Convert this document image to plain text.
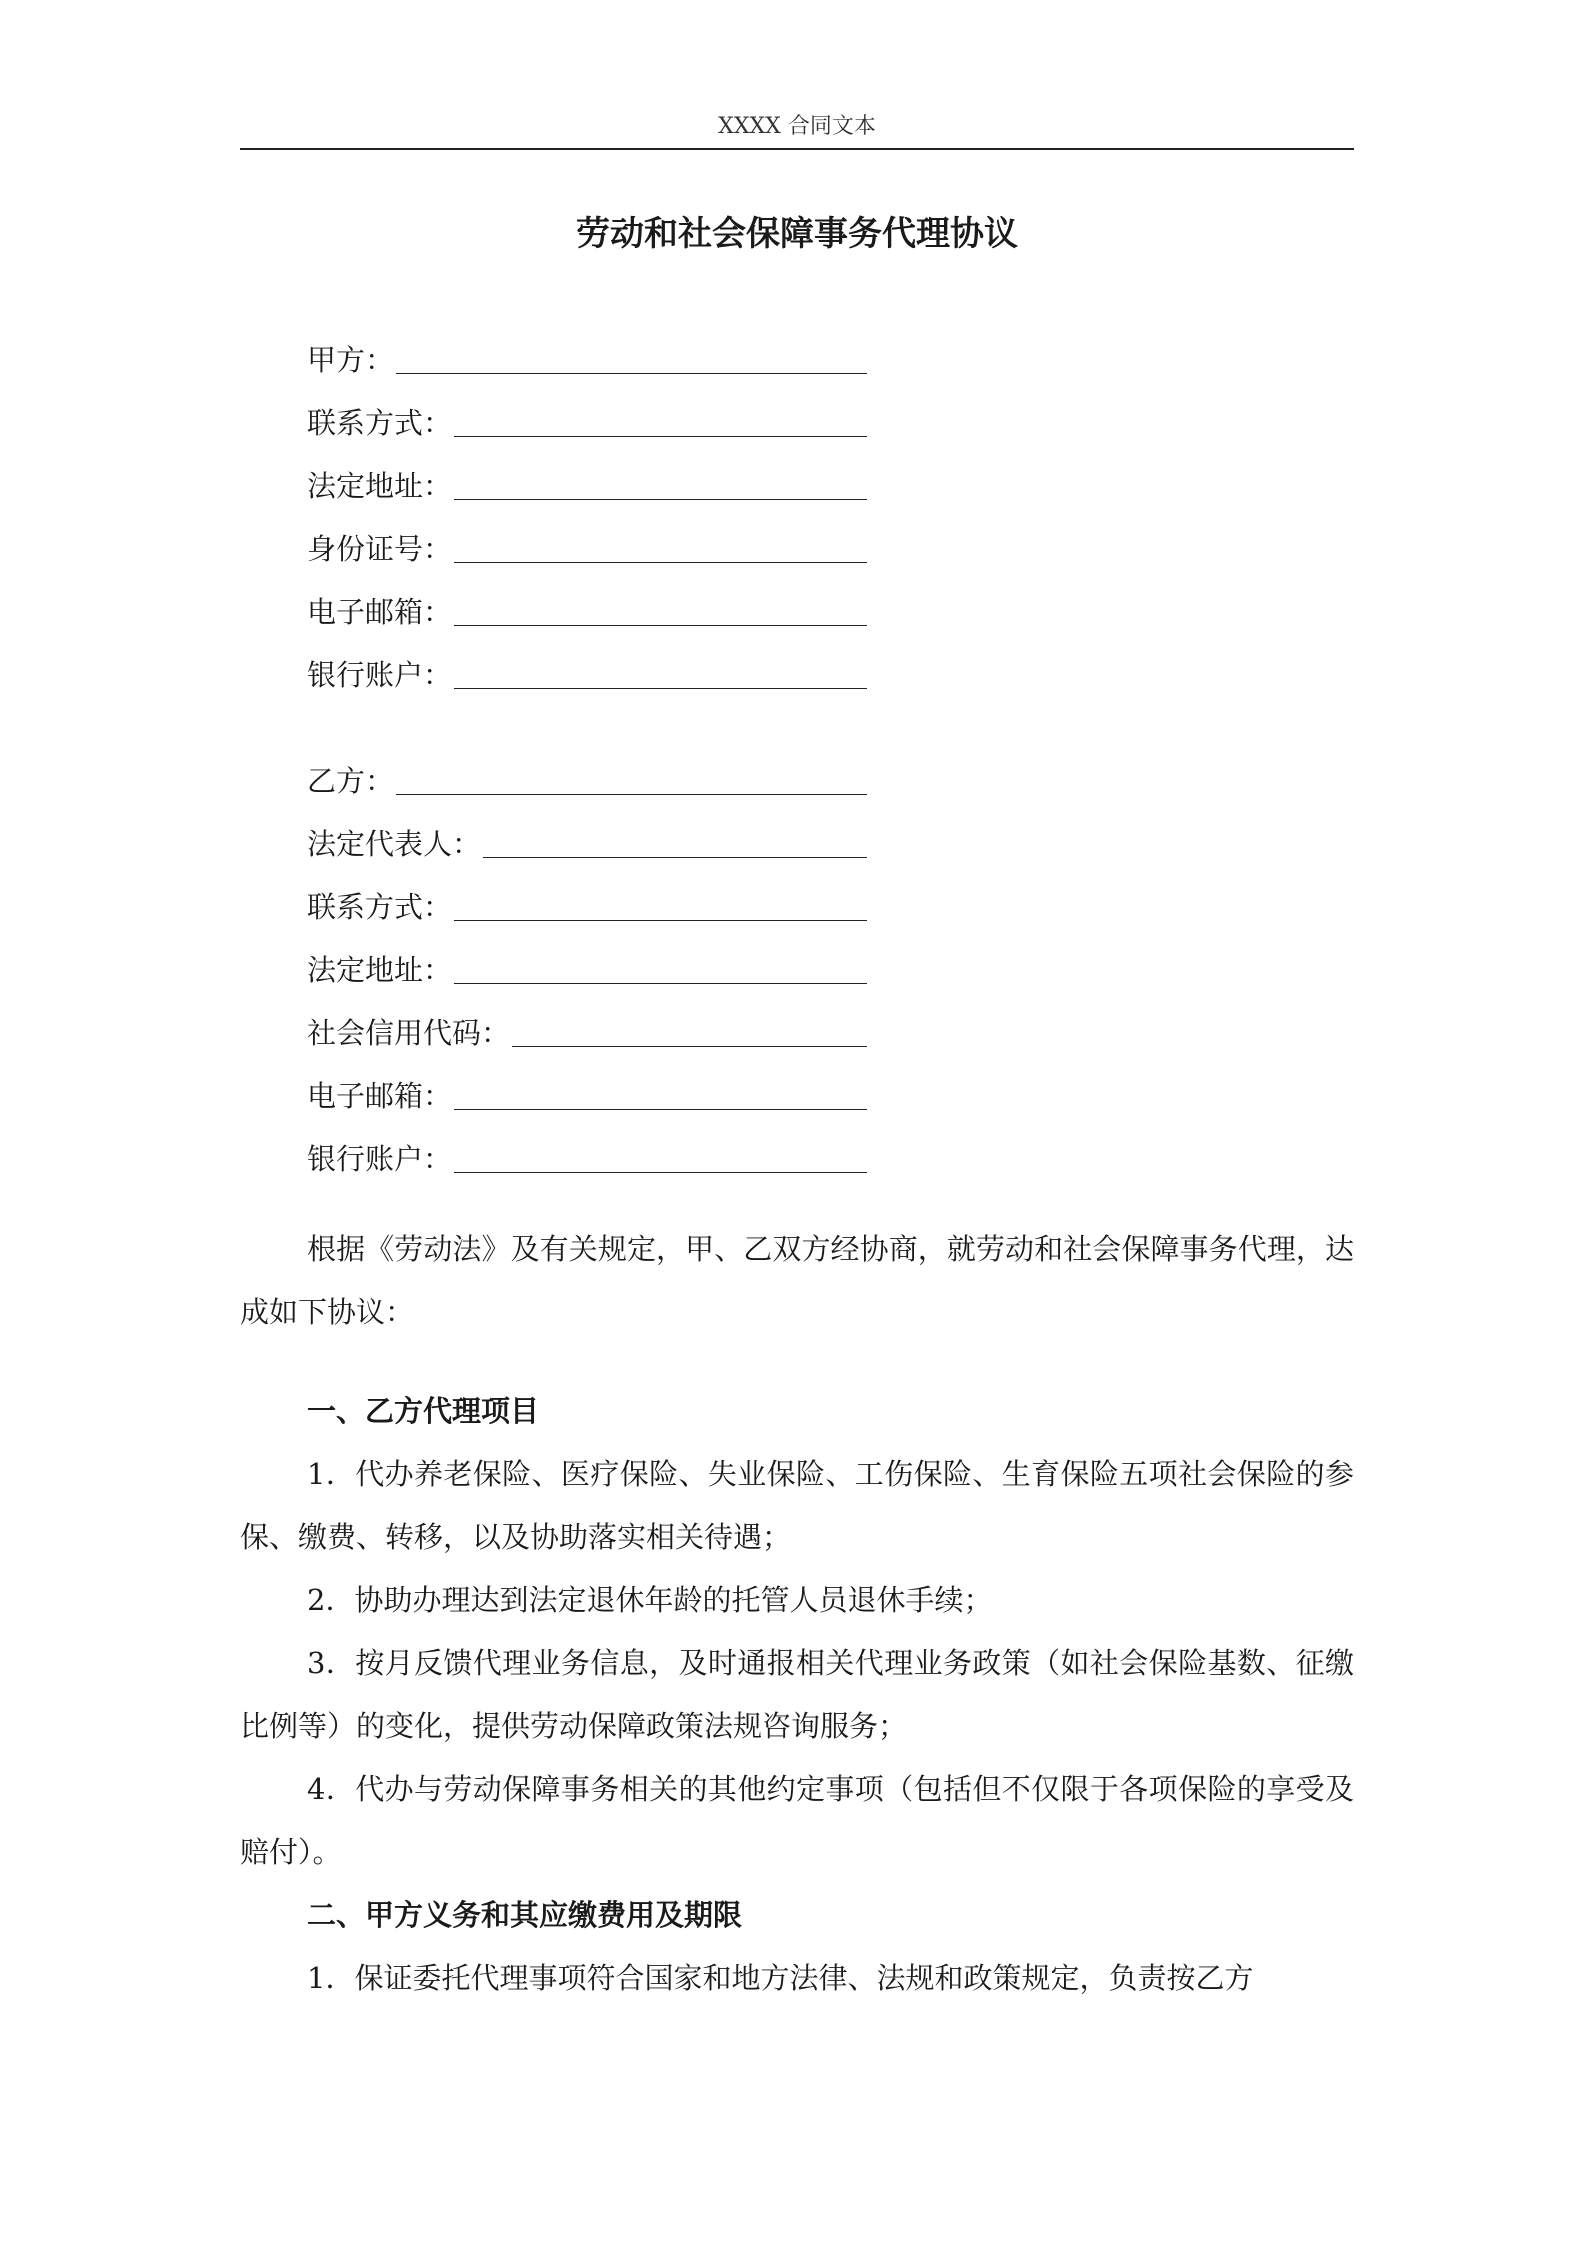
XXXX 合同文本
劳动和社会保障事务代理协议
甲方：
联系方式：
法定地址：
身份证号：
电子邮箱：
银行账户：
乙方：
法定代表人：
联系方式：
法定地址：
社会信用代码：
电子邮箱：
银行账户：

根据《劳动法》及有关规定，甲、乙双方经协商，就劳动和社会保障事务代理，达成如下协议：

一、乙方代理项目

1．代办养老保险、医疗保险、失业保险、工伤保险、生育保险五项社会保险的参保、缴费、转移，以及协助落实相关待遇；

2．协助办理达到法定退休年龄的托管人员退休手续；

3．按月反馈代理业务信息，及时通报相关代理业务政策（如社会保险基数、征缴比例等）的变化，提供劳动保障政策法规咨询服务；

4．代办与劳动保障事务相关的其他约定事项（包括但不仅限于各项保险的享受及赔付）。

二、甲方义务和其应缴费用及期限

1．保证委托代理事项符合国家和地方法律、法规和政策规定，负责按乙方
